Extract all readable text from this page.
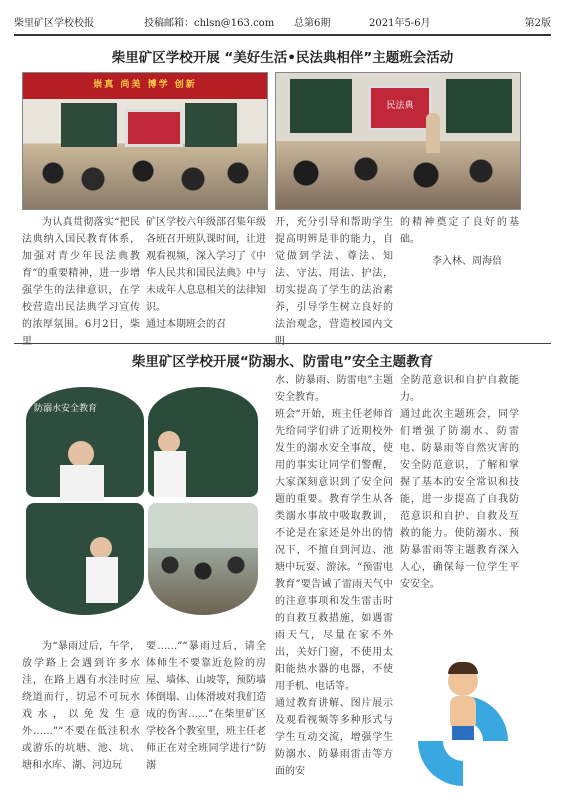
柴里矿区学校校报	投稿邮箱：chlsn@163.com	总第6期	2021年5-6月	第2版
柴里矿区学校开展 “美好生活•民法典相伴”主题班会活动
崇真 尚美 博学 创新
民法典
为认真贯彻落实“把民法典纳入国民教育体系，加强对青少年民法典教育”的重要精神，进一步增强学生的法律意识，在学校营造出民法典学习宣传的浓厚氛围。6月2日，柴里
矿区学校六年级部召集年级各班召开班队课时间，让进观看视频，深入学习了《中华人民共和国民法典》中与未成年人息息相关的法律知识。
通过本期班会的召
开，充分引导和帮助学生提高明辨是非的能力，自觉做到学法、尊法、知法、守法、用法、护法，切实提高了学生的法治素养，引导学生树立良好的法治观念，营造校园内文明
的精神奠定了良好的基础。
李入林、周海倍
柴里矿区学校开展“防溺水、防雷电”安全主题教育
防溺水安全教育
为“暴雨过后，午学，放学路上会遇到许多水洼，在路上遇有水洼时应绕道而行，切忌不可玩水戏水，以免发生意外……”“不要在低洼积水或游乐的坑塘、池、坑、塘和水库、湖、河边玩
要……”“暴雨过后，请全体师生不要靠近危险的房屋、墙体、山坡等，预防墙体倒塌、山体滑坡对我们造成的伤害……”在柴里矿区学校各个教室里，班主任老师正在对全班同学进行“防溺
水、防暴雨、防雷电”主题安全教育。
班会“开始，班主任老师首先给同学们讲了近期校外发生的溺水安全事故，使用的事实让同学们警醒，大家深刻意识到了安全问题的重要。教育学生从各类溺水事故中吸取教训，不论是在家还是外出的情况下，不擅自到河边、池塘中玩耍、游泳。“预雷电教育”要告诫了雷雨天气中的注意事项和发生雷击时的自救互救措施，如遇雷雨天气，尽量在家不外出，关好门窗，不使用太阳能热水器的电器，不使用手机、电话等。
通过教育讲解、图片展示及观看视频等多种形式与学生互动交流，增强学生防溺水、防暴雨雷击等方面的安
全防范意识和自护自救能力。
通过此次主题班会，同学们增强了防溺水、防雷电、防暴雨等自然灾害的安全防范意识，了解和掌握了基本的安全常识和技能，进一步提高了自我防范意识和自护、自救及互救的能力。使防溺水、预防暴雷雨等主题教育深入人心，确保每一位学生平安安全。
